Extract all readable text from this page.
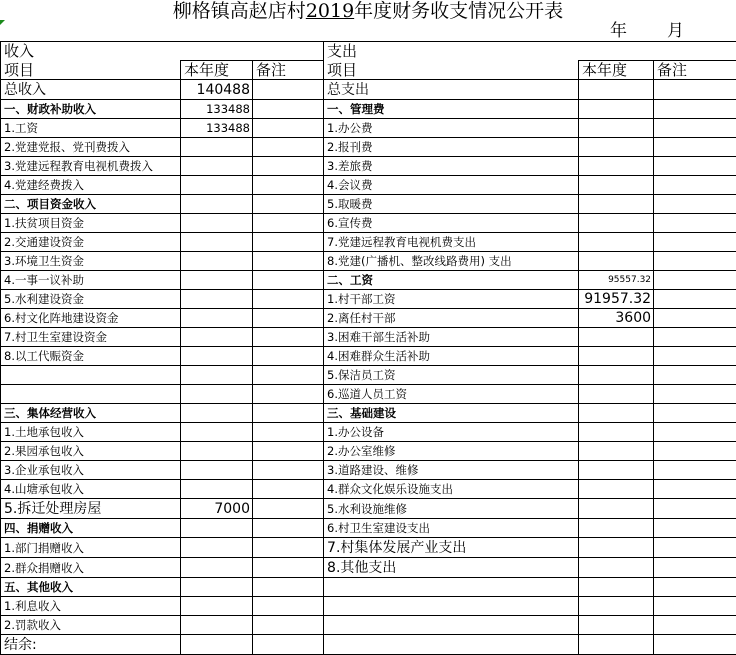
柳格镇高赵店村2019年度财务收支情况公开表
年 月
收入			支出		
项目	本年度	备注	项目	本年度	备注
总收入	140488		总支出		
一、财政补助收入	133488		一、管理费		
1.工资	133488		1.办公费		
2.党建党报、党刊费拨入			2.报刊费		
3.党建远程教育电视机费拨入			3.差旅费		
4.党建经费拨入			4.会议费		
二、项目资金收入			5.取暖费		
1.扶贫项目资金			6.宣传费		
2.交通建设资金			7.党建远程教育电视机费支出		
3.环境卫生资金			8.党建(广播机、整改线路费用) 支出		
4.一事一议补助			二、工资	95557.32	
5.水利建设资金			1.村干部工资	91957.32	
6.村文化阵地建设资金			2.离任村干部	3600	
7.村卫生室建设资金			3.困难干部生活补助		
8.以工代赈资金			4.困难群众生活补助		
			5.保洁员工资		
			6.巡道人员工资		
三、集体经营收入			三、基础建设		
1.土地承包收入			1.办公设备		
2.果园承包收入			2.办公室维修		
3.企业承包收入			3.道路建设、维修		
4.山塘承包收入			4.群众文化娱乐设施支出		
5.拆迁处理房屋	7000		5.水利设施维修		
四、捐赠收入			6.村卫生室建设支出		
1.部门捐赠收入			7.村集体发展产业支出		
2.群众捐赠收入			8.其他支出		
五、其他收入					
1.利息收入					
2.罚款收入					
结余:					
